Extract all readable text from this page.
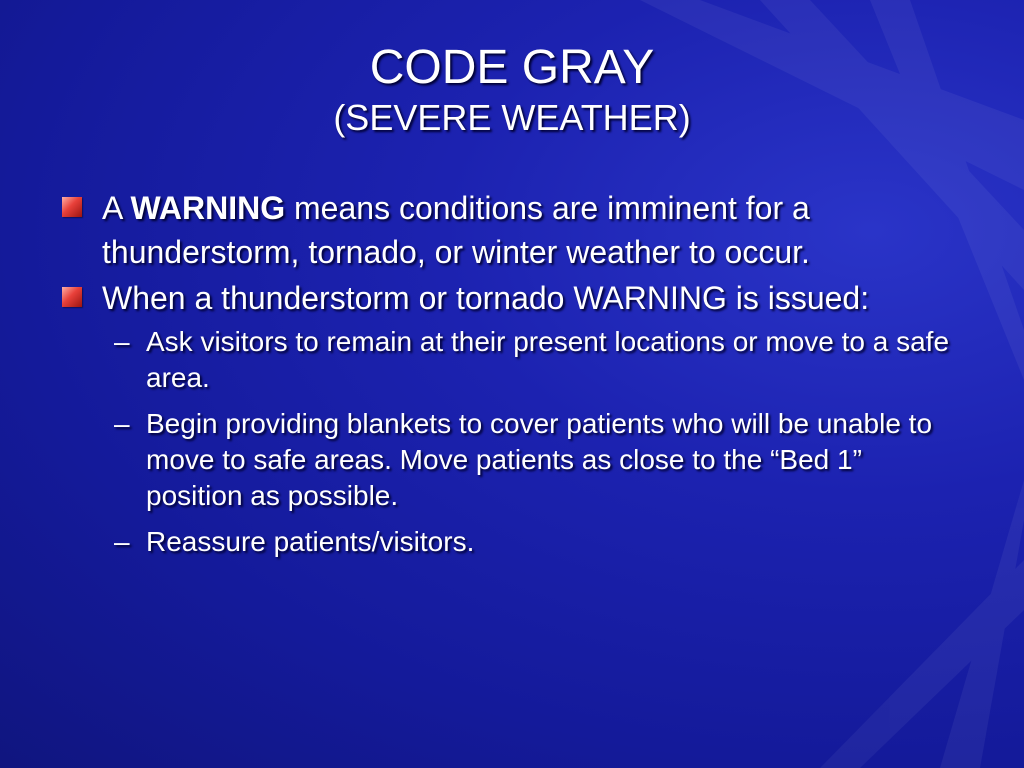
CODE GRAY
(SEVERE WEATHER)
A WARNING means conditions are imminent for a thunderstorm, tornado, or winter weather to occur.
When a thunderstorm or tornado WARNING is issued:
– Ask visitors to remain at their present locations or move to a safe area.
– Begin providing blankets to cover patients who will be unable to move to safe areas. Move patients as close to the “Bed 1” position as possible.
– Reassure patients/visitors.
